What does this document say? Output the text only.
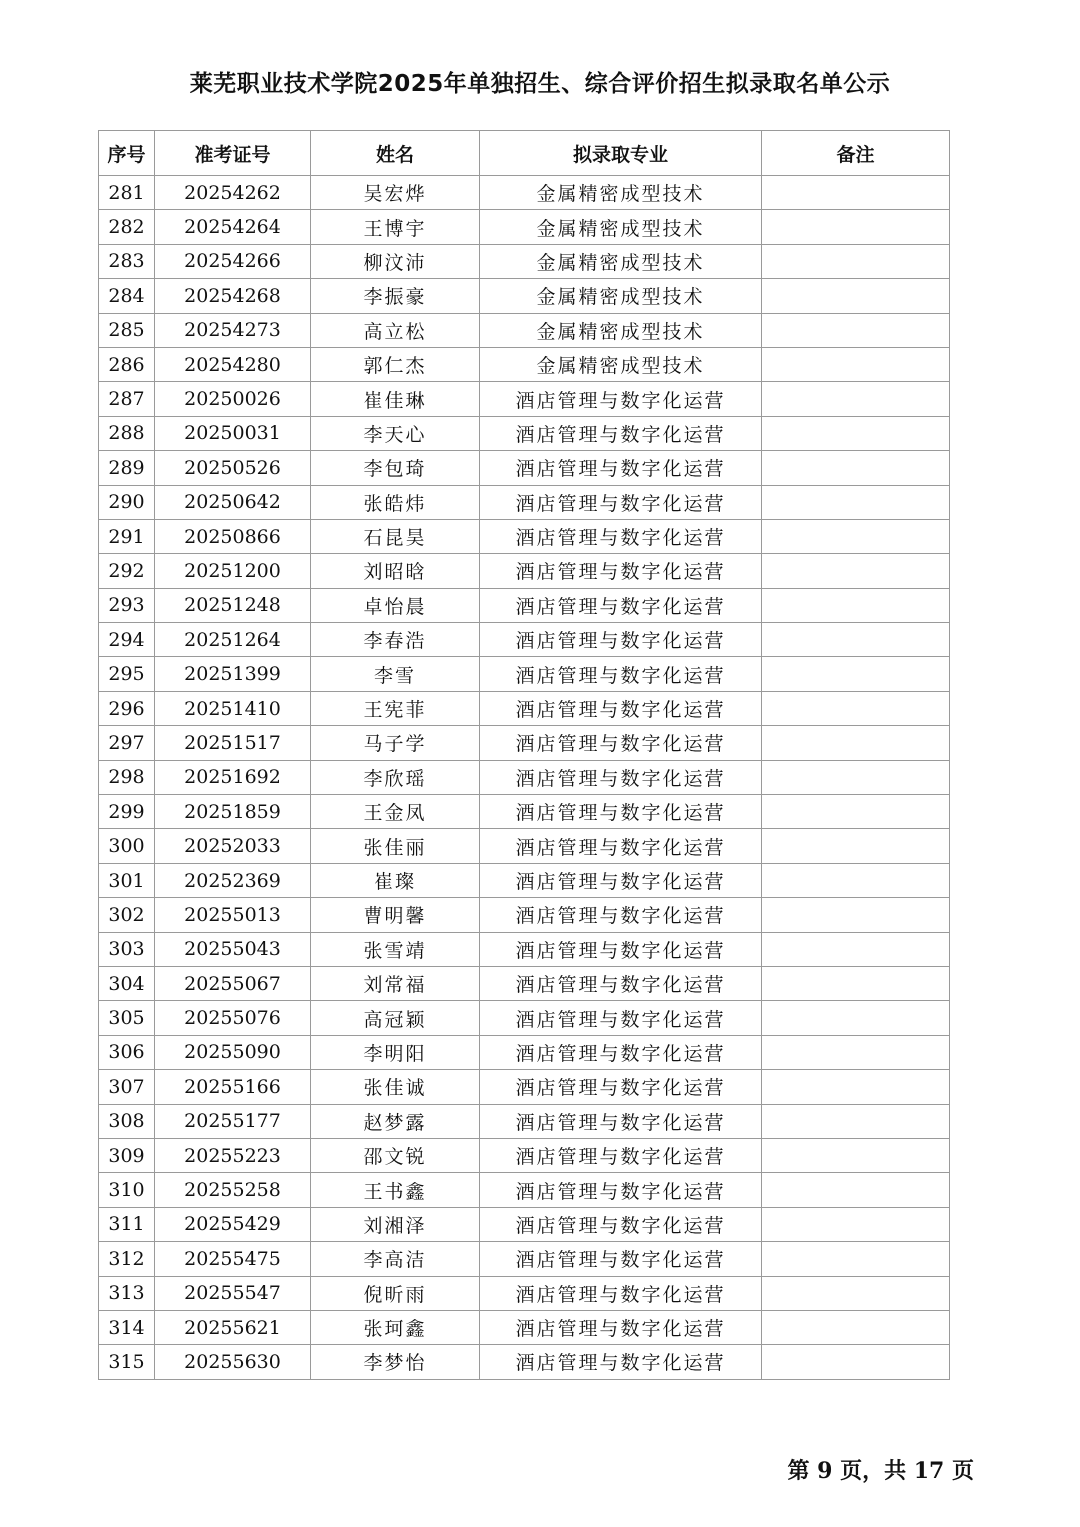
莱芜职业技术学院2025年单独招生、综合评价招生拟录取名单公示
序号	准考证号	姓名	拟录取专业	备注
281	20254262	吴宏烨	金属精密成型技术	
282	20254264	王博宇	金属精密成型技术	
283	20254266	柳汶沛	金属精密成型技术	
284	20254268	李振豪	金属精密成型技术	
285	20254273	高立松	金属精密成型技术	
286	20254280	郭仁杰	金属精密成型技术	
287	20250026	崔佳琳	酒店管理与数字化运营	
288	20250031	李天心	酒店管理与数字化运营	
289	20250526	李包琦	酒店管理与数字化运营	
290	20250642	张皓炜	酒店管理与数字化运营	
291	20250866	石昆昊	酒店管理与数字化运营	
292	20251200	刘昭晗	酒店管理与数字化运营	
293	20251248	卓怡晨	酒店管理与数字化运营	
294	20251264	李春浩	酒店管理与数字化运营	
295	20251399	李雪	酒店管理与数字化运营	
296	20251410	王宪菲	酒店管理与数字化运营	
297	20251517	马子学	酒店管理与数字化运营	
298	20251692	李欣瑶	酒店管理与数字化运营	
299	20251859	王金凤	酒店管理与数字化运营	
300	20252033	张佳丽	酒店管理与数字化运营	
301	20252369	崔璨	酒店管理与数字化运营	
302	20255013	曹明馨	酒店管理与数字化运营	
303	20255043	张雪靖	酒店管理与数字化运营	
304	20255067	刘常福	酒店管理与数字化运营	
305	20255076	高冠颖	酒店管理与数字化运营	
306	20255090	李明阳	酒店管理与数字化运营	
307	20255166	张佳诚	酒店管理与数字化运营	
308	20255177	赵梦露	酒店管理与数字化运营	
309	20255223	邵文锐	酒店管理与数字化运营	
310	20255258	王书鑫	酒店管理与数字化运营	
311	20255429	刘湘泽	酒店管理与数字化运营	
312	20255475	李高洁	酒店管理与数字化运营	
313	20255547	倪昕雨	酒店管理与数字化运营	
314	20255621	张珂鑫	酒店管理与数字化运营	
315	20255630	李梦怡	酒店管理与数字化运营	
第 9 页，共 17 页
